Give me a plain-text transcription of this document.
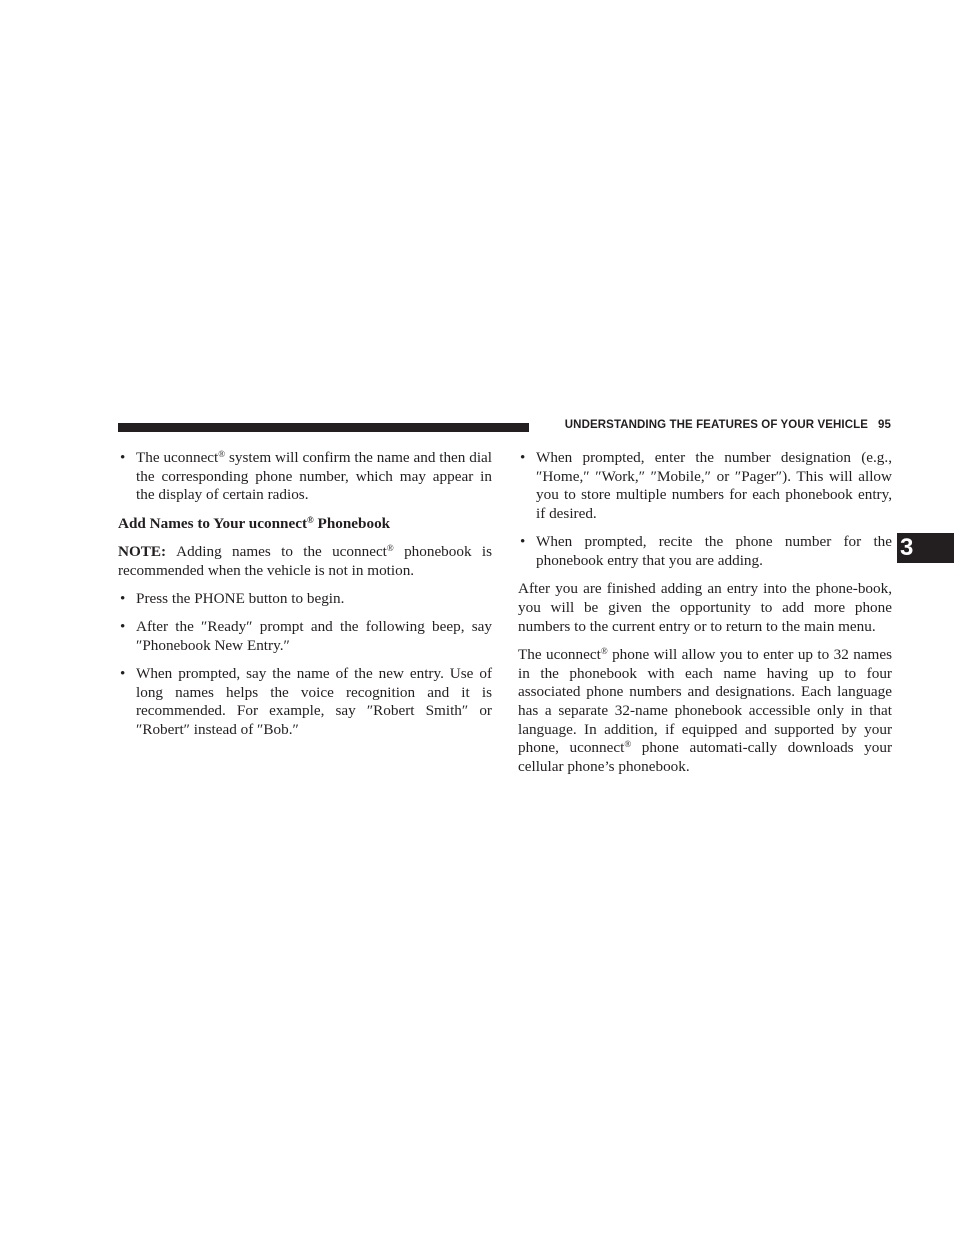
UNDERSTANDING THE FEATURES OF YOUR VEHICLE 95
3
• The uconnect® system will confirm the name and then dial the corresponding phone number, which may appear in the display of certain radios.
Add Names to Your uconnect® Phonebook
NOTE: Adding names to the uconnect® phonebook is recommended when the vehicle is not in motion.
• Press the PHONE button to begin.
• After the ″Ready″ prompt and the following beep, say ″Phonebook New Entry.″
• When prompted, say the name of the new entry. Use of long names helps the voice recognition and it is recommended. For example, say ″Robert Smith″ or ″Robert″ instead of ″Bob.″
• When prompted, enter the number designation (e.g., ″Home,″ ″Work,″ ″Mobile,″ or ″Pager″). This will allow you to store multiple numbers for each phonebook entry, if desired.
• When prompted, recite the phone number for the phonebook entry that you are adding.
After you are finished adding an entry into the phone-book, you will be given the opportunity to add more phone numbers to the current entry or to return to the main menu.
The uconnect® phone will allow you to enter up to 32 names in the phonebook with each name having up to four associated phone numbers and designations. Each language has a separate 32-name phonebook accessible only in that language. In addition, if equipped and supported by your phone, uconnect® phone automati-cally downloads your cellular phone’s phonebook.
